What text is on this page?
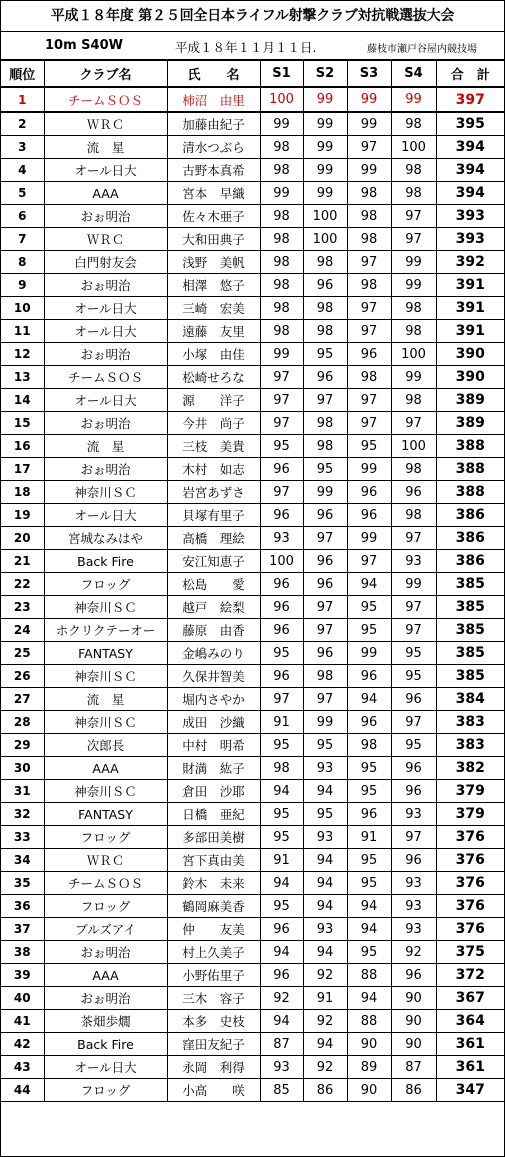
平成１８年度 第２５回全日本ライフル射撃クラブ対抗戦選抜大会
10m S40W	平成１８年１１月１１日.	藤枝市瀬戸谷屋内競技場
順位	クラブ名	氏　　名	S1	S2	S3	S4	合　計
1	チームＳＯＳ	柿沼　由里	100	99	99	99	397
2	ＷＲＣ	加藤由紀子	99	99	99	98	395
3	流　星	清水つぶら	98	99	97	100	394
4	オール日大	古野本真希	98	99	99	98	394
5	AAA	宮本　早織	99	99	98	98	394
6	おぉ明治	佐々木亜子	98	100	98	97	393
7	ＷＲＣ	大和田典子	98	100	98	97	393
8	白門射友会	浅野　美帆	98	98	97	99	392
9	おぉ明治	相澤　悠子	98	96	98	99	391
10	オール日大	三崎　宏美	98	98	97	98	391
11	オール日大	遠藤　友里	98	98	97	98	391
12	おぉ明治	小塚　由佳	99	95	96	100	390
13	チームＳＯＳ	松崎せろな	97	96	98	99	390
14	オール日大	源　　洋子	97	97	97	98	389
15	おぉ明治	今井　尚子	97	98	97	97	389
16	流　星	三枝　美貴	95	98	95	100	388
17	おぉ明治	木村　如志	96	95	99	98	388
18	神奈川ＳＣ	岩宮あずさ	97	99	96	96	388
19	オール日大	貝塚有里子	96	96	96	98	386
20	宮城なみはや	高橋　理絵	93	97	99	97	386
21	Back Fire	安江知恵子	100	96	97	93	386
22	フロッグ	松島　　愛	96	96	94	99	385
23	神奈川ＳＣ	越戸　絵梨	96	97	95	97	385
24	ホクリクテーオー	藤原　由香	96	97	95	97	385
25	FANTASY	金嶋みのり	95	96	99	95	385
26	神奈川ＳＣ	久保井智美	96	98	96	95	385
27	流　星	堀内さやか	97	97	94	96	384
28	神奈川ＳＣ	成田　沙織	91	99	96	97	383
29	次郎長	中村　明希	95	95	98	95	383
30	AAA	財満　紘子	98	93	95	96	382
31	神奈川ＳＣ	倉田　沙耶	94	94	95	96	379
32	FANTASY	日橋　亜紀	95	95	96	93	379
33	フロッグ	多部田美樹	95	93	91	97	376
34	ＷＲＣ	宮下真由美	91	94	95	96	376
35	チームＳＯＳ	鈴木　未来	94	94	95	93	376
36	フロッグ	鶴岡麻美香	95	94	94	93	376
37	ブルズアイ	仲　　友美	96	93	94	93	376
38	おぉ明治	村上久美子	94	94	95	92	375
39	AAA	小野佑里子	96	92	88	96	372
40	おぉ明治	三木　容子	92	91	94	90	367
41	茶畑歩燗	本多　史枝	94	92	88	90	364
42	Back Fire	窪田友紀子	87	94	90	90	361
43	オール日大	永岡　利得	93	92	89	87	361
44	フロッグ	小高　　咲	85	86	90	86	347
